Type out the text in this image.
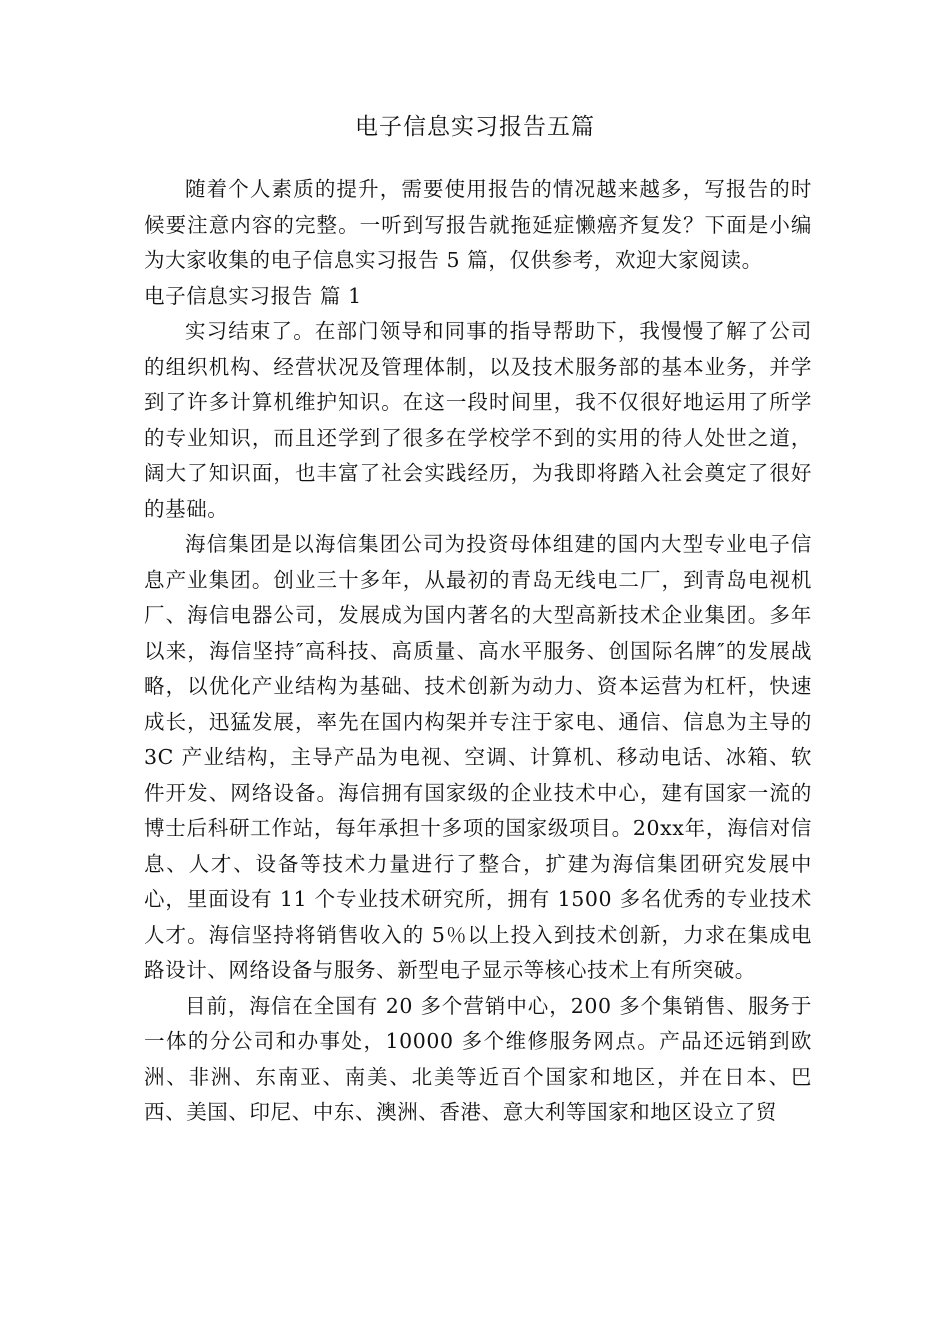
电子信息实习报告五篇

随着个人素质的提升，需要使用报告的情况越来越多，写报告的时候要注意内容的完整。一听到写报告就拖延症懒癌齐复发？下面是小编为大家收集的电子信息实习报告 5 篇，仅供参考，欢迎大家阅读。

电子信息实习报告 篇 1

实习结束了。在部门领导和同事的指导帮助下，我慢慢了解了公司的组织机构、经营状况及管理体制，以及技术服务部的基本业务，并学到了许多计算机维护知识。在这一段时间里，我不仅很好地运用了所学的专业知识，而且还学到了很多在学校学不到的实用的待人处世之道，阔大了知识面，也丰富了社会实践经历，为我即将踏入社会奠定了很好的基础。

海信集团是以海信集团公司为投资母体组建的国内大型专业电子信息产业集团。创业三十多年，从最初的青岛无线电二厂，到青岛电视机厂、海信电器公司，发展成为国内著名的大型高新技术企业集团。多年以来，海信坚持″高科技、高质量、高水平服务、创国际名牌″的发展战略，以优化产业结构为基础、技术创新为动力、资本运营为杠杆，快速成长，迅猛发展，率先在国内构架并专注于家电、通信、信息为主导的 3C 产业结构，主导产品为电视、空调、计算机、移动电话、冰箱、软件开发、网络设备。海信拥有国家级的企业技术中心，建有国家一流的博士后科研工作站，每年承担十多项的国家级项目。20xx年，海信对信息、人才、设备等技术力量进行了整合，扩建为海信集团研究发展中心，里面设有 11 个专业技术研究所，拥有 1500 多名优秀的专业技术人才。海信坚持将销售收入的 5％以上投入到技术创新，力求在集成电路设计、网络设备与服务、新型电子显示等核心技术上有所突破。

目前，海信在全国有 20 多个营销中心，200 多个集销售、服务于一体的分公司和办事处，10000 多个维修服务网点。产品还远销到欧洲、非洲、东南亚、南美、北美等近百个国家和地区，并在日本、巴西、美国、印尼、中东、澳洲、香港、意大利等国家和地区设立了贸
